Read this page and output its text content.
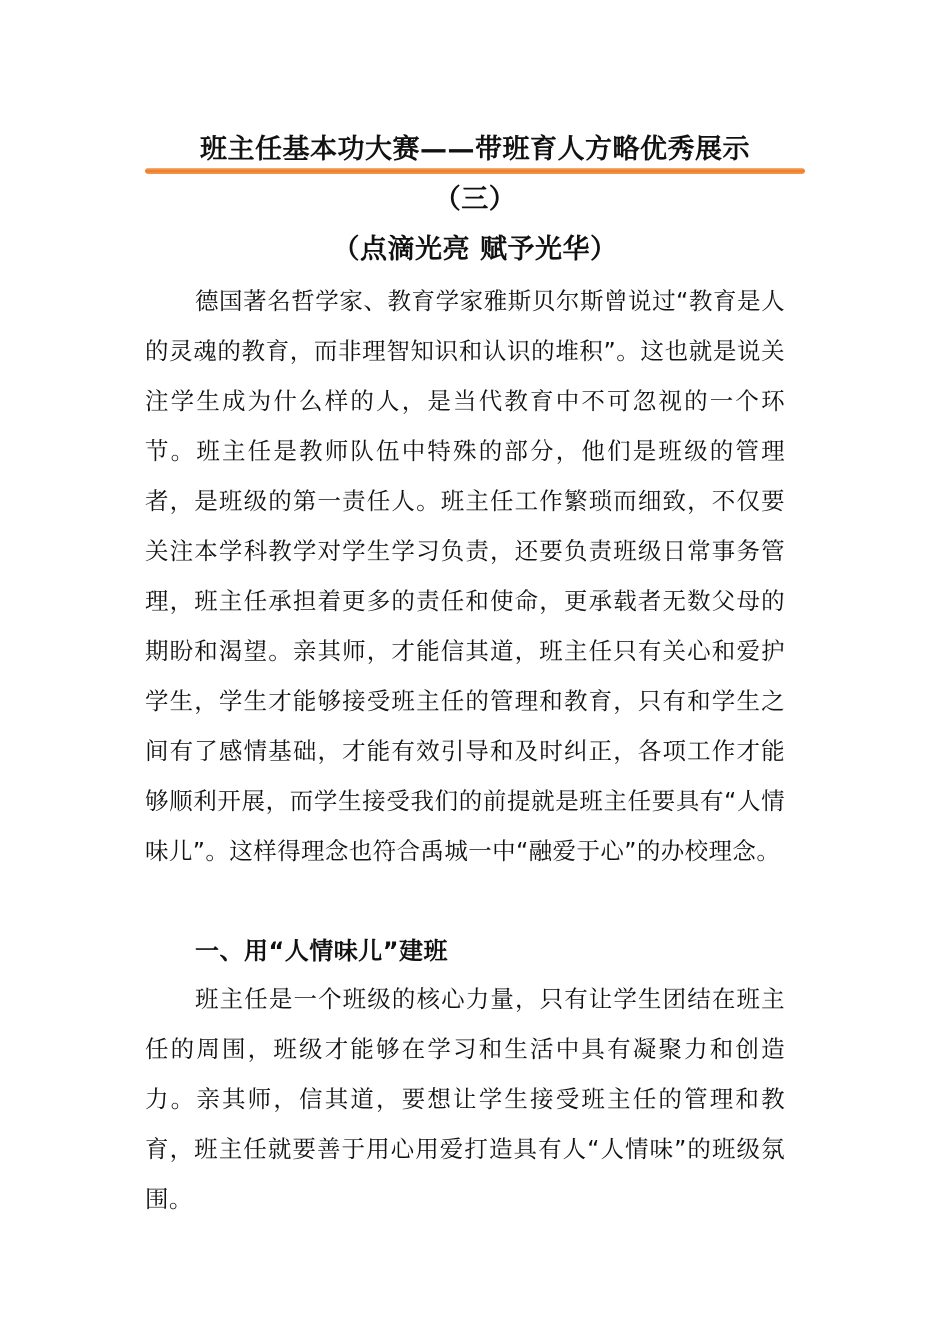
班主任基本功大赛——带班育人方略优秀展示
（三）
（点滴光亮 赋予光华）

德国著名哲学家、教育学家雅斯贝尔斯曾说过“教育是人的灵魂的教育，而非理智知识和认识的堆积”。这也就是说关注学生成为什么样的人，是当代教育中不可忽视的一个环节。班主任是教师队伍中特殊的部分，他们是班级的管理者，是班级的第一责任人。班主任工作繁琐而细致，不仅要关注本学科教学对学生学习负责，还要负责班级日常事务管理，班主任承担着更多的责任和使命，更承载者无数父母的期盼和渴望。亲其师，才能信其道，班主任只有关心和爱护学生，学生才能够接受班主任的管理和教育，只有和学生之间有了感情基础，才能有效引导和及时纠正，各项工作才能够顺利开展，而学生接受我们的前提就是班主任要具有“人情味儿”。这样得理念也符合禹城一中“融爱于心”的办校理念。

一、用“人情味儿”建班

班主任是一个班级的核心力量，只有让学生团结在班主任的周围，班级才能够在学习和生活中具有凝聚力和创造力。亲其师，信其道，要想让学生接受班主任的管理和教育，班主任就要善于用心用爱打造具有人“人情味”的班级氛围。
